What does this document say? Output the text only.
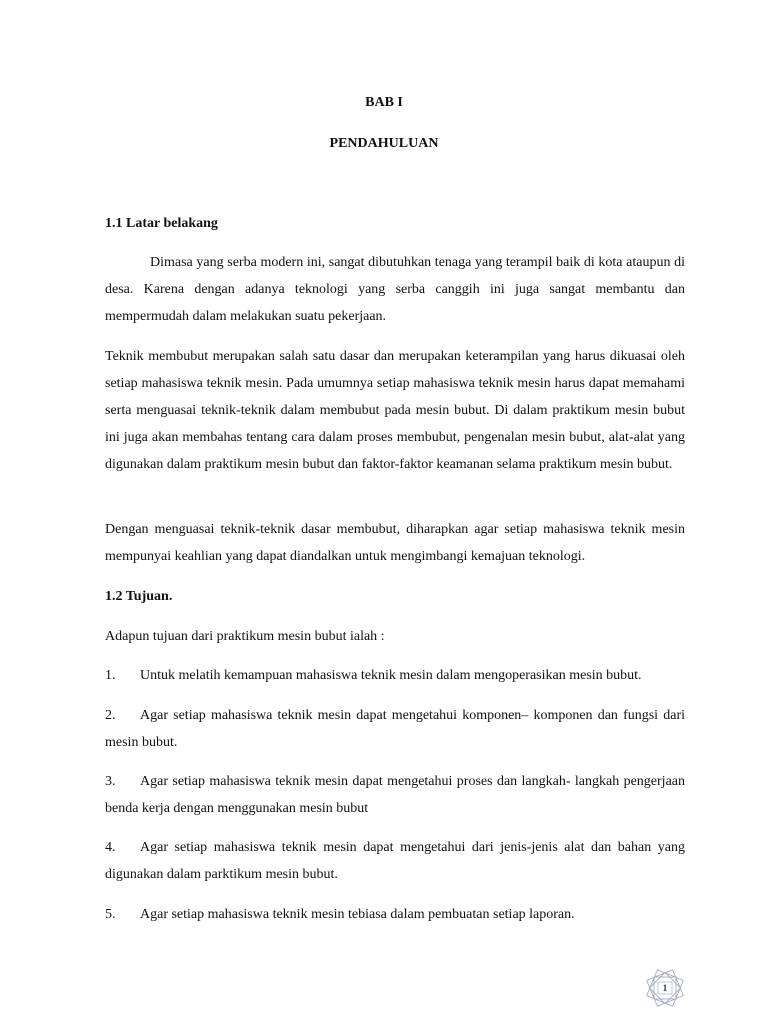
BAB I
PENDAHULUAN
1.1 Latar belakang
Dimasa yang serba modern ini, sangat dibutuhkan tenaga yang terampil baik di kota ataupun di desa. Karena dengan adanya teknologi yang serba canggih ini juga sangat membantu dan mempermudah dalam melakukan suatu pekerjaan.
Teknik membubut merupakan salah satu dasar dan merupakan keterampilan yang harus dikuasai oleh setiap mahasiswa teknik mesin. Pada umumnya setiap mahasiswa teknik mesin harus dapat memahami serta menguasai teknik-teknik dalam membubut pada mesin bubut. Di dalam praktikum mesin bubut ini juga akan membahas tentang cara dalam proses membubut, pengenalan mesin bubut, alat-alat yang digunakan dalam praktikum mesin bubut dan faktor-faktor keamanan selama praktikum mesin bubut.
Dengan menguasai teknik-teknik dasar membubut, diharapkan agar setiap mahasiswa teknik mesin mempunyai keahlian yang dapat diandalkan untuk mengimbangi kemajuan teknologi.
1.2 Tujuan.
Adapun tujuan dari praktikum mesin bubut ialah :
1. Untuk melatih kemampuan mahasiswa teknik mesin dalam mengoperasikan mesin bubut.
2. Agar setiap mahasiswa teknik mesin dapat mengetahui komponen– komponen dan fungsi dari mesin bubut.
3. Agar setiap mahasiswa teknik mesin dapat mengetahui proses dan langkah- langkah pengerjaan benda kerja dengan menggunakan mesin bubut
4. Agar setiap mahasiswa teknik mesin dapat mengetahui dari jenis-jenis alat dan bahan yang digunakan dalam parktikum mesin bubut.
5. Agar setiap mahasiswa teknik mesin tebiasa dalam pembuatan setiap laporan.
1
